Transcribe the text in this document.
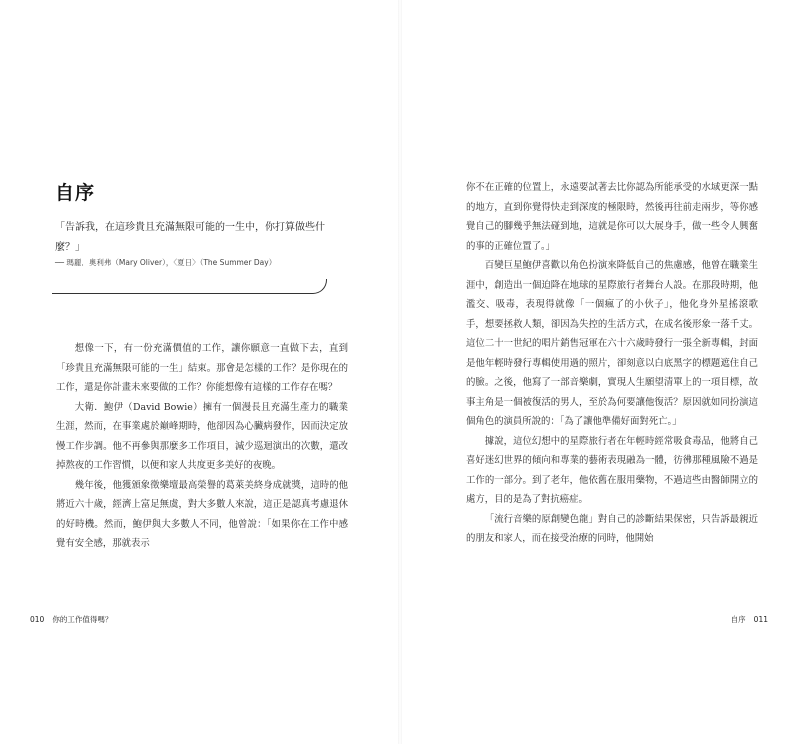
自序

「告訴我，在這珍貴且充滿無限可能的一生中，你打算做些什麼？」

── 瑪麗．奧利弗（Mary Oliver），〈夏日〉（The Summer Day）

想像一下，有一份充滿價值的工作，讓你願意一直做下去，直到「珍貴且充滿無限可能的一生」結束。那會是怎樣的工作？是你現在的工作，還是你計畫未來要做的工作？你能想像有這樣的工作存在嗎？

大衛．鮑伊（David Bowie）擁有一個漫長且充滿生產力的職業生涯，然而，在事業處於巔峰期時，他卻因為心臟病發作，因而決定放慢工作步調。他不再參與那麼多工作項目，減少巡迴演出的次數，還改掉熬夜的工作習慣，以便和家人共度更多美好的夜晚。

幾年後，他獲頒象徵樂壇最高榮譽的葛萊美終身成就獎，這時的他將近六十歲，經濟上富足無虞，對大多數人來說，這正是認真考慮退休的好時機。然而，鮑伊與大多數人不同，他曾說：「如果你在工作中感覺有安全感，那就表示

010 你的工作值得嗎？

你不在正確的位置上，永遠要試著去比你認為所能承受的水域更深一點的地方，直到你覺得快走到深度的極限時，然後再往前走兩步，等你感覺自己的腳幾乎無法碰到地，這就是你可以大展身手，做一些令人興奮的事的正確位置了。」

百變巨星鮑伊喜歡以角色扮演來降低自己的焦慮感，他曾在職業生涯中，創造出一個迫降在地球的星際旅行者舞台人設。在那段時期，他濫交、吸毒，表現得就像「一個瘋了的小伙子」，他化身外星搖滾歌手，想要拯救人類，卻因為失控的生活方式，在成名後形象一落千丈。這位二十一世紀的唱片銷售冠軍在六十六歲時發行一張全新專輯，封面是他年輕時發行專輯使用過的照片，卻刻意以白底黑字的標題遮住自己的臉。之後，他寫了一部音樂劇，實現人生願望清單上的一項目標，故事主角是一個被復活的男人，至於為何要讓他復活？原因就如同扮演這個角色的演員所說的：「為了讓他準備好面對死亡。」

據說，這位幻想中的星際旅行者在年輕時經常吸食毒品，他將自己喜好迷幻世界的傾向和專業的藝術表現融為一體，彷彿那種風險不過是工作的一部分。到了老年，他依舊在服用藥物，不過這些由醫師開立的處方，目的是為了對抗癌症。

「流行音樂的原創變色龍」對自己的診斷結果保密，只告訴最親近的朋友和家人，而在接受治療的同時，他開始

自序 011
